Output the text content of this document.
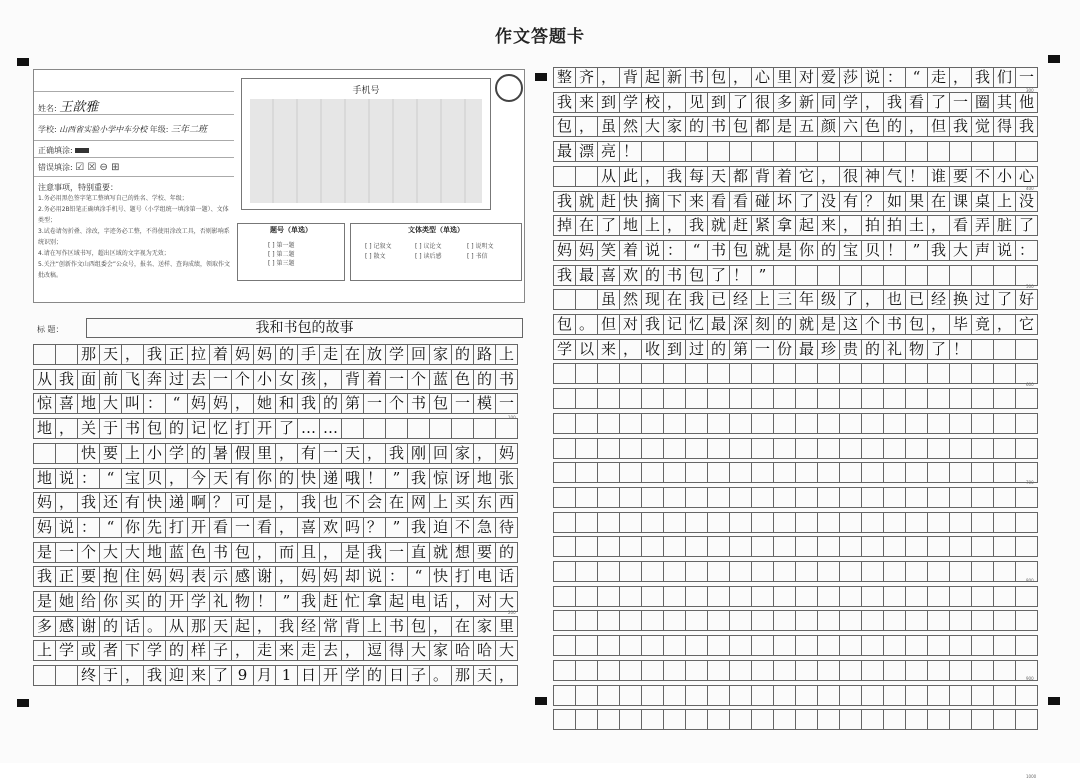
作文答题卡
姓名: 王歆雅
学校: 山西省实验小学中车分校 年级: 三年二班
正确填涂:
错误填涂: ☑ ☒ ⊖ ⊞
注意事项，特别重要：
1.务必用黑色签字笔工整填写自己的姓名、学校、年级；
2.务必用2B铅笔正确填涂手机号、题号（小学组统一填涂第一题）、文体类型；
3.试卷请勿折叠、涂改，字迹务必工整，不得使用涂改工具，否则影响系统识别；
4.请在写作区域书写，超出区域的文字视为无效；
5.关注“创新作文山西组委会”公众号，报名、送样、查询成绩，领取作文批改稿。
手机号
题号（单选）
[ ] 第一题
[ ] 第二题
[ ] 第三题
文体类型（单选）
[ ] 记叙文	[ ] 议论文	[ ] 说明文
[ ] 散文	[ ] 读后感	[ ] 书信
标 题：	我和书包的故事
那 天 ， 我 正 拉 着 妈 妈 的 手 走 在 放 学 回 家 的 路 上
从 我 面 前 飞 奔 过 去 一 个 小 女 孩 ， 背 着 一 个 蓝 色 的 书
惊 喜 地 大 叫 ： “ 妈 妈 ， 她 和 我 的 第 一 个 书 包 一 模 一
地 ， 关 于 书 包 的 记 忆 打 开 了 … …
快 要 上 小 学 的 暑 假 里 ， 有 一 天 ， 我 刚 回 家 ， 妈
地 说 ： “ 宝 贝 ， 今 天 有 你 的 快 递 哦 ！ ” 我 惊 讶 地 张
妈 ， 我 还 有 快 递 啊 ？ 可 是 ， 我 也 不 会 在 网 上 买 东 西
妈 说 ： “ 你 先 打 开 看 一 看 ， 喜 欢 吗 ？ ” 我 迫 不 急 待
是 一 个 大 大 地 蓝 色 书 包 ， 而 且 ， 是 我 一 直 就 想 要 的
我 正 要 抱 住 妈 妈 表 示 感 谢 ， 妈 妈 却 说 ： “ 快 打 电 话
是 她 给 你 买 的 开 学 礼 物 ！ ” 我 赶 忙 拿 起 电 话 ， 对 大
多 感 谢 的 话 。 从 那 天 起 ， 我 经 常 背 上 书 包 ， 在 家 里
上 学 或 者 下 学 的 样 子 ， 走 来 走 去 ， 逗 得 大 家 哈 哈 大
终 于 ， 我 迎 来 了 9 月 1 日 开 学 的 日 子 。 那 天 ，
整 齐 ， 背 起 新 书 包 ， 心 里 对 爱 莎 说 ： “ 走 ， 我 们 一
我 来 到 学 校 ， 见 到 了 很 多 新 同 学 ， 我 看 了 一 圈 其 他
包 ， 虽 然 大 家 的 书 包 都 是 五 颜 六 色 的 ， 但 我 觉 得 我
最 漂 亮 ！
从 此 ， 我 每 天 都 背 着 它 ， 很 神 气 ！ 谁 要 不 小 心
我 就 赶 快 摘 下 来 看 看 碰 坏 了 没 有 ？ 如 果 在 课 桌 上 没
掉 在 了 地 上 ， 我 就 赶 紧 拿 起 来 ， 拍 拍 土 ， 看 弄 脏 了
妈 妈 笑 着 说 ： “ 书 包 就 是 你 的 宝 贝 ！ ” 我 大 声 说 ：
我 最 喜 欢 的 书 包 了 ！ ”
虽 然 现 在 我 已 经 上 三 年 级 了 ， 也 已 经 换 过 了 好
包 。 但 对 我 记 忆 最 深 刻 的 就 是 这 个 书 包 ， 毕 竟 ， 它
学 以 来 ， 收 到 过 的 第 一 份 最 珍 贵 的 礼 物 了 ！
100
200
300
400
500
600
700
800
900
1000
